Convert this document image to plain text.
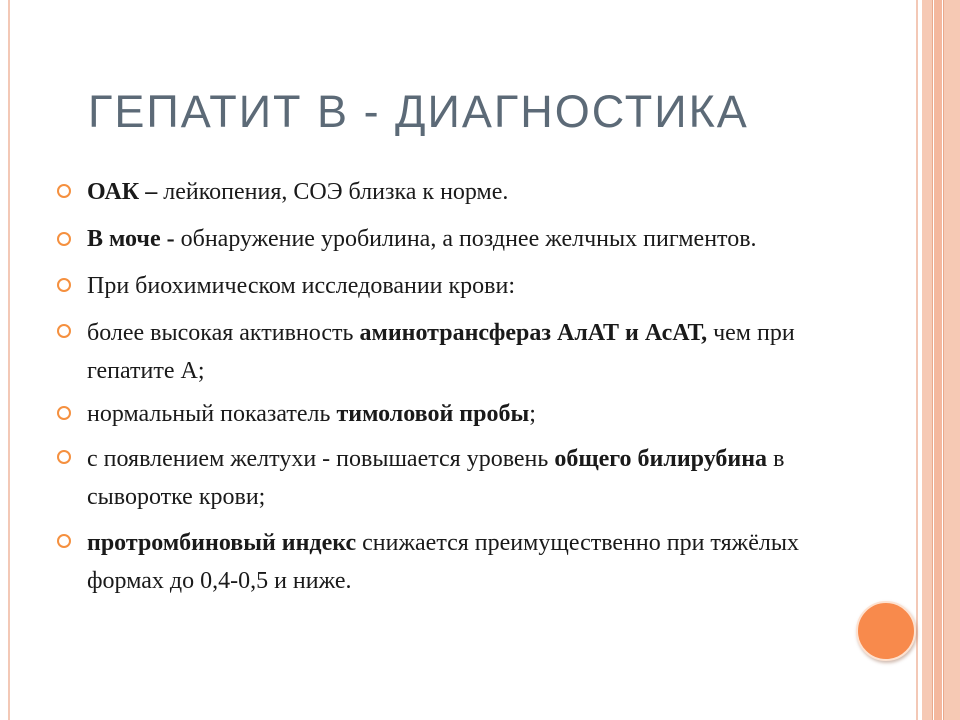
ГЕПАТИТ В - ДИАГНОСТИКА
ОАК – лейкопения, СОЭ близка к норме.
В моче - обнаружение уробилина, а позднее желчных пигментов.
При биохимическом исследовании крови:
более высокая активность аминотрансфераз АлАТ и АсАТ, чем при гепатите А;
нормальный показатель тимоловой пробы;
с появлением желтухи - повышается уровень общего билирубина в сыворотке крови;
протромбиновый индекс снижается преимущественно при тяжёлых формах до 0,4-0,5 и ниже.
